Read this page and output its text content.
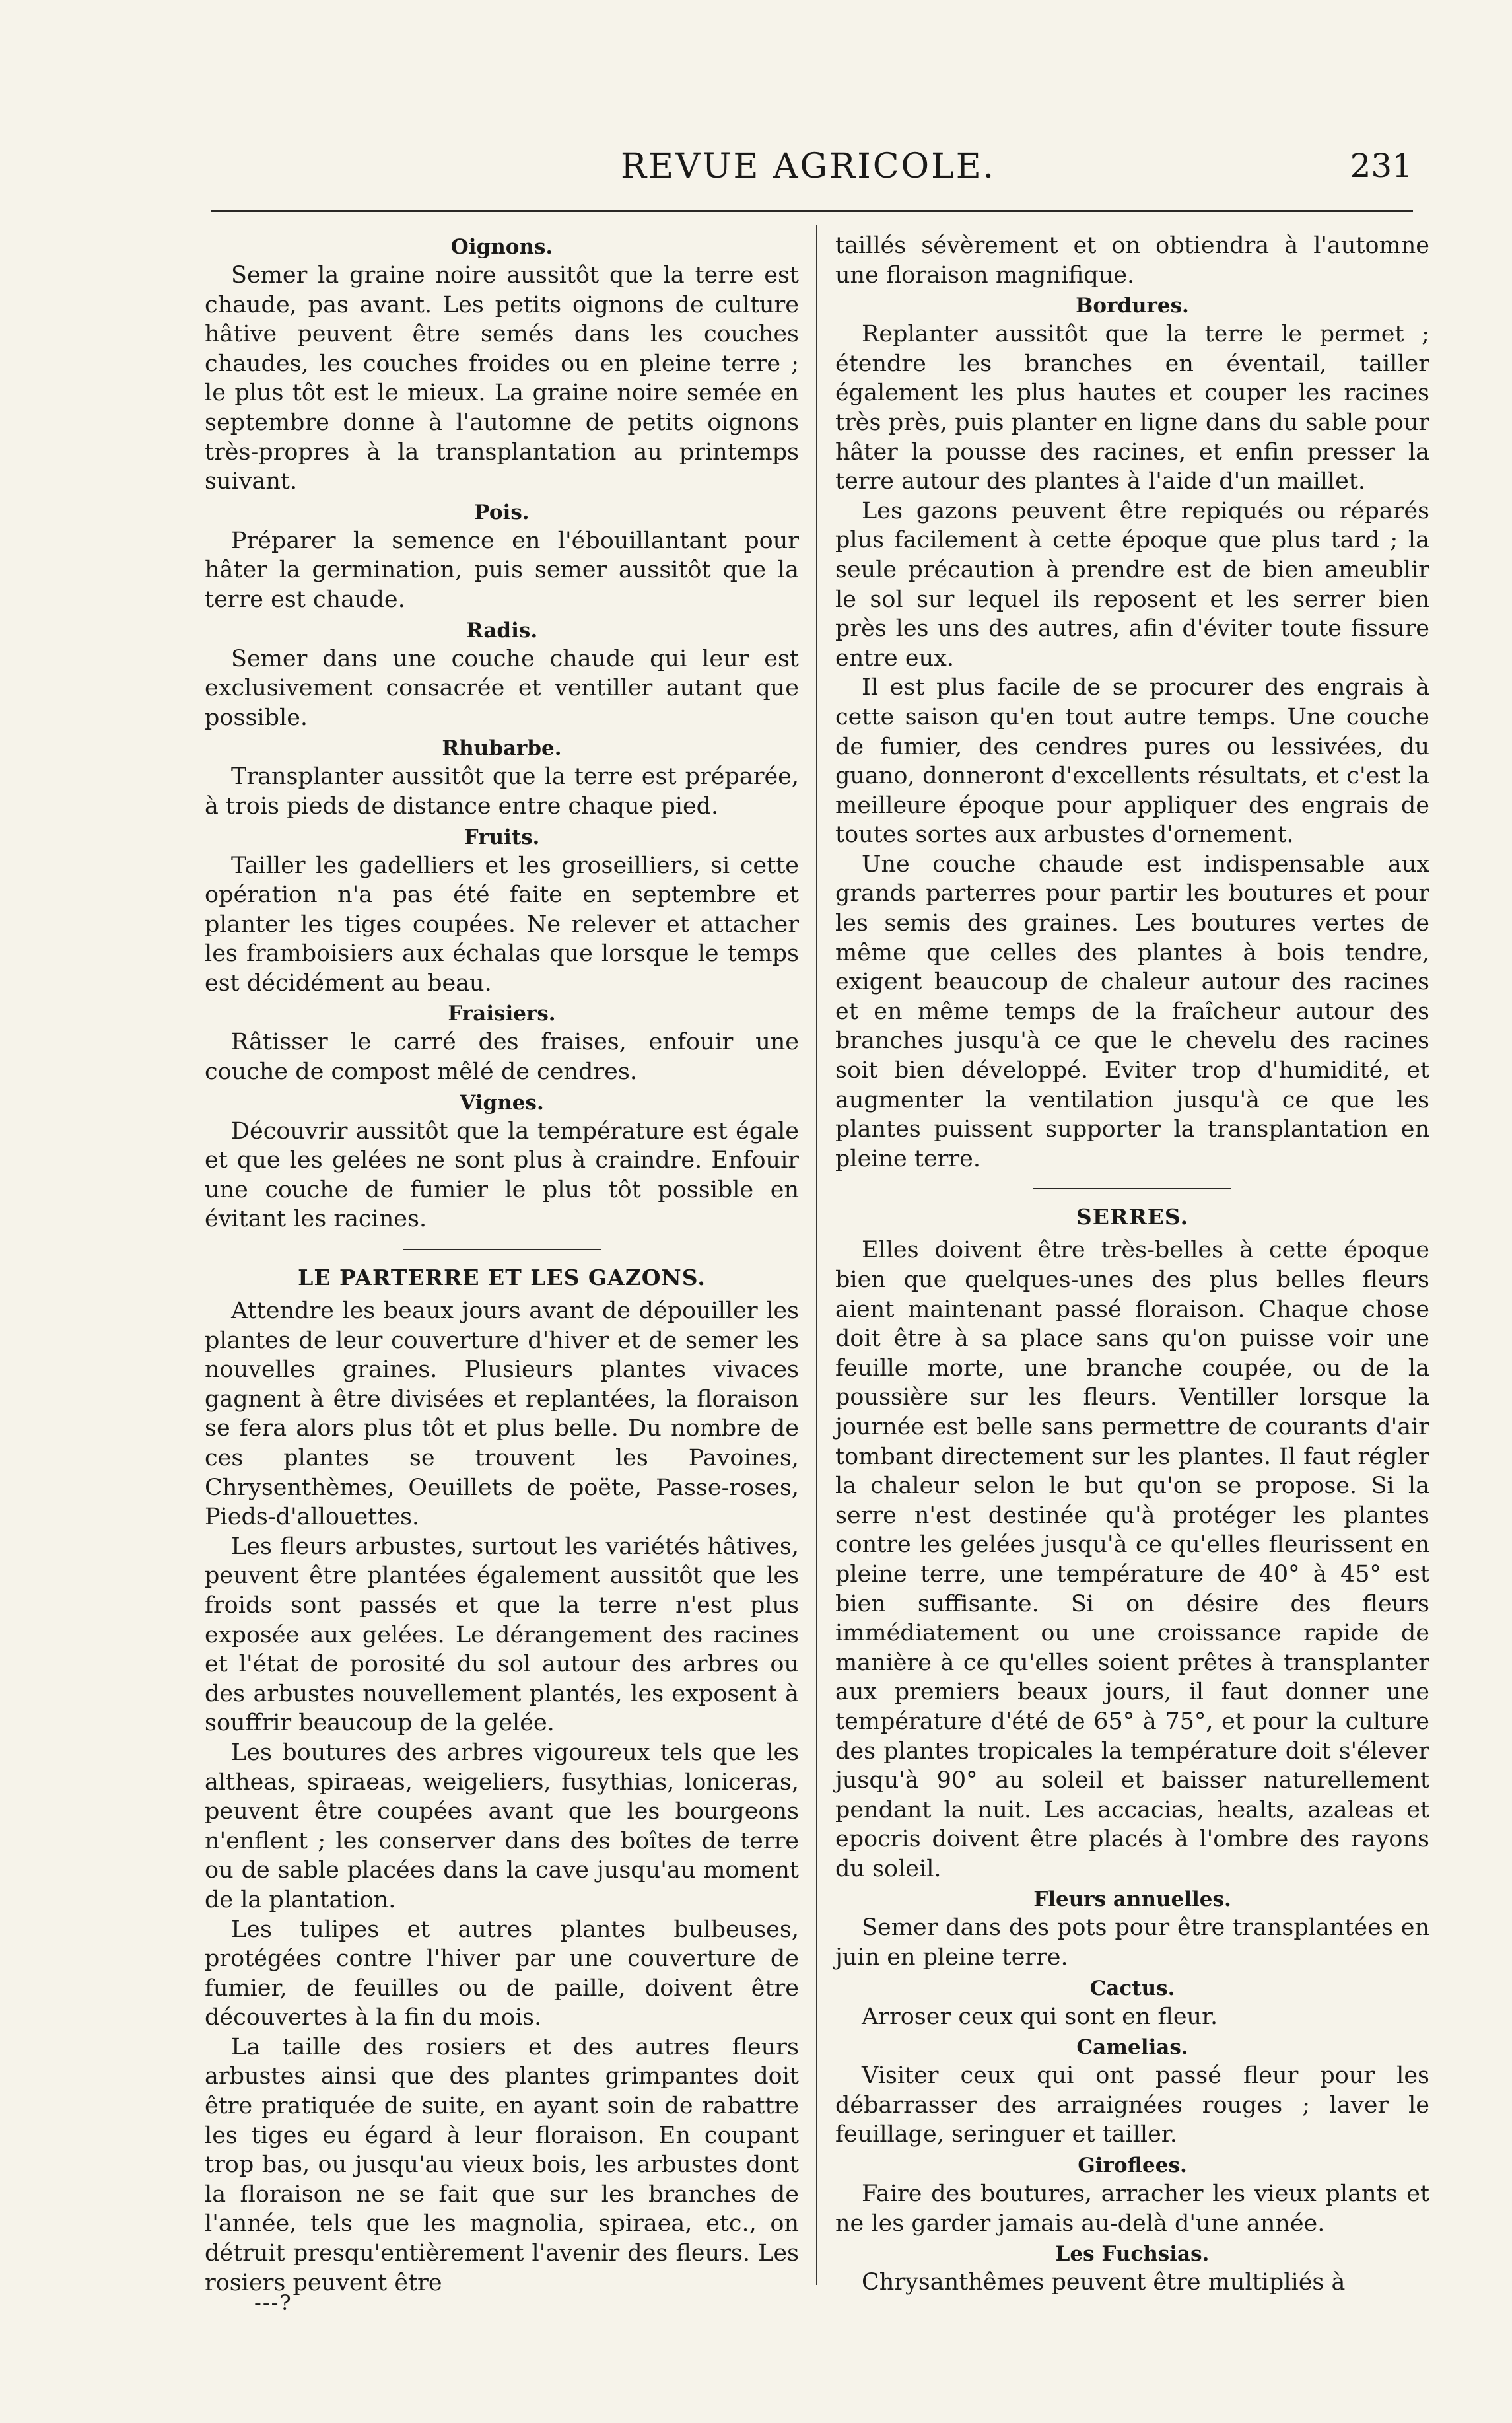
REVUE AGRICOLE.	231
Oignons.

Semer la graine noire aussitôt que la terre est chaude, pas avant. Les petits oignons de culture hâtive peuvent être semés dans les couches chaudes, les couches froides ou en pleine terre ; le plus tôt est le mieux. La graine noire semée en septembre donne à l'automne de petits oignons très-propres à la transplantation au printemps suivant.

Pois.

Préparer la semence en l'ébouillantant pour hâter la germination, puis semer aussitôt que la terre est chaude.

Radis.

Semer dans une couche chaude qui leur est exclusivement consacrée et ventiller autant que possible.

Rhubarbe.

Transplanter aussitôt que la terre est préparée, à trois pieds de distance entre chaque pied.

Fruits.

Tailler les gadelliers et les groseilliers, si cette opération n'a pas été faite en septembre et planter les tiges coupées. Ne relever et attacher les framboisiers aux échalas que lorsque le temps est décidément au beau.

Fraisiers.

Râtisser le carré des fraises, enfouir une couche de compost mêlé de cendres.

Vignes.

Découvrir aussitôt que la température est égale et que les gelées ne sont plus à craindre. Enfouir une couche de fumier le plus tôt possible en évitant les racines.

LE PARTERRE ET LES GAZONS.

Attendre les beaux jours avant de dépouiller les plantes de leur couverture d'hiver et de semer les nouvelles graines. Plusieurs plantes vivaces gagnent à être divisées et replantées, la floraison se fera alors plus tôt et plus belle. Du nombre de ces plantes se trouvent les Pavoines, Chrysenthèmes, Oeuillets de poëte, Passe-roses, Pieds-d'allouettes.

Les fleurs arbustes, surtout les variétés hâtives, peuvent être plantées également aussitôt que les froids sont passés et que la terre n'est plus exposée aux gelées. Le dérangement des racines et l'état de porosité du sol autour des arbres ou des arbustes nouvellement plantés, les exposent à souffrir beaucoup de la gelée.

Les boutures des arbres vigoureux tels que les altheas, spiraeas, weigeliers, fusythias, loniceras, peuvent être coupées avant que les bourgeons n'enflent ; les conserver dans des boîtes de terre ou de sable placées dans la cave jusqu'au moment de la plantation.

Les tulipes et autres plantes bulbeuses, protégées contre l'hiver par une couverture de fumier, de feuilles ou de paille, doivent être découvertes à la fin du mois.

La taille des rosiers et des autres fleurs arbustes ainsi que des plantes grimpantes doit être pratiquée de suite, en ayant soin de rabattre les tiges eu égard à leur floraison. En coupant trop bas, ou jusqu'au vieux bois, les arbustes dont la floraison ne se fait que sur les branches de l'année, tels que les magnolia, spiraea, etc., on détruit presqu'entièrement l'avenir des fleurs. Les rosiers peuvent être

taillés sévèrement et on obtiendra à l'automne une floraison magnifique.

Bordures.

Replanter aussitôt que la terre le permet ; étendre les branches en éventail, tailler également les plus hautes et couper les racines très près, puis planter en ligne dans du sable pour hâter la pousse des racines, et enfin presser la terre autour des plantes à l'aide d'un maillet.

Les gazons peuvent être repiqués ou réparés plus facilement à cette époque que plus tard ; la seule précaution à prendre est de bien ameublir le sol sur lequel ils reposent et les serrer bien près les uns des autres, afin d'éviter toute fissure entre eux.

Il est plus facile de se procurer des engrais à cette saison qu'en tout autre temps. Une couche de fumier, des cendres pures ou lessivées, du guano, donneront d'excellents résultats, et c'est la meilleure époque pour appliquer des engrais de toutes sortes aux arbustes d'ornement.

Une couche chaude est indispensable aux grands parterres pour partir les boutures et pour les semis des graines. Les boutures vertes de même que celles des plantes à bois tendre, exigent beaucoup de chaleur autour des racines et en même temps de la fraîcheur autour des branches jusqu'à ce que le chevelu des racines soit bien développé. Eviter trop d'humidité, et augmenter la ventilation jusqu'à ce que les plantes puissent supporter la transplantation en pleine terre.

SERRES.

Elles doivent être très-belles à cette époque bien que quelques-unes des plus belles fleurs aient maintenant passé floraison. Chaque chose doit être à sa place sans qu'on puisse voir une feuille morte, une branche coupée, ou de la poussière sur les fleurs. Ventiller lorsque la journée est belle sans permettre de courants d'air tombant directement sur les plantes. Il faut régler la chaleur selon le but qu'on se propose. Si la serre n'est destinée qu'à protéger les plantes contre les gelées jusqu'à ce qu'elles fleurissent en pleine terre, une température de 40° à 45° est bien suffisante. Si on désire des fleurs immédiatement ou une croissance rapide de manière à ce qu'elles soient prêtes à transplanter aux premiers beaux jours, il faut donner une température d'été de 65° à 75°, et pour la culture des plantes tropicales la température doit s'élever jusqu'à 90° au soleil et baisser naturellement pendant la nuit. Les accacias, healts, azaleas et epocris doivent être placés à l'ombre des rayons du soleil.

Fleurs annuelles.

Semer dans des pots pour être transplantées en juin en pleine terre.

Cactus.

Arroser ceux qui sont en fleur.

Camelias.

Visiter ceux qui ont passé fleur pour les débarrasser des arraignées rouges ; laver le feuillage, seringuer et tailler.

Giroflees.

Faire des boutures, arracher les vieux plants et ne les garder jamais au-delà d'une année.

Les Fuchsias.

Chrysanthêmes peuvent être multipliés à

---?
